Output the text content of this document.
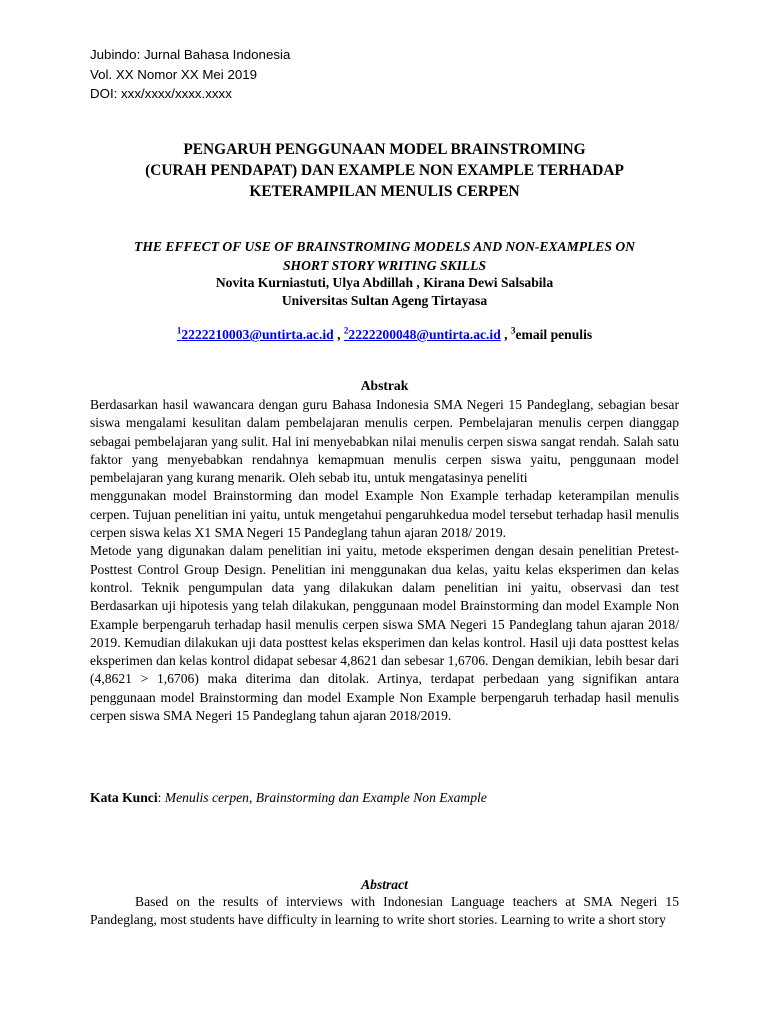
Jubindo: Jurnal Bahasa Indonesia
Vol. XX Nomor XX Mei 2019
DOI: xxx/xxxx/xxxx.xxxx
PENGARUH PENGGUNAAN MODEL BRAINSTROMING
(CURAH PENDAPAT) DAN EXAMPLE NON EXAMPLE TERHADAP
KETERAMPILAN MENULIS CERPEN
THE EFFECT OF USE OF BRAINSTROMING MODELS AND NON-EXAMPLES ON
SHORT STORY WRITING SKILLS
Novita Kurniastuti, Ulya Abdillah , Kirana Dewi Salsabila
Universitas Sultan Ageng Tirtayasa
$^1$2222210003@untirta.ac.id , $^2$2222200048@untirta.ac.id , $^3$email penulis
Abstrak

Berdasarkan hasil wawancara dengan guru Bahasa Indonesia SMA Negeri 15 Pandeglang, sebagian besar siswa mengalami kesulitan dalam pembelajaran menulis cerpen. Pembelajaran menulis cerpen dianggap sebagai pembelajaran yang sulit. Hal ini menyebabkan nilai menulis cerpen siswa sangat rendah. Salah satu faktor yang menyebabkan rendahnya kemapmuan menulis cerpen siswa yaitu, penggunaan model pembelajaran yang kurang menarik. Oleh sebab itu, untuk mengatasinya peneliti

menggunakan model Brainstorming dan model Example Non Example terhadap keterampilan menulis cerpen. Tujuan penelitian ini yaitu, untuk mengetahui pengaruhkedua model tersebut terhadap hasil menulis cerpen siswa kelas X1 SMA Negeri 15 Pandeglang tahun ajaran 2018/ 2019.

Metode yang digunakan dalam penelitian ini yaitu, metode eksperimen dengan desain penelitian Pretest-Posttest Control Group Design. Penelitian ini menggunakan dua kelas, yaitu kelas eksperimen dan kelas kontrol. Teknik pengumpulan data yang dilakukan dalam penelitian ini yaitu, observasi dan test Berdasarkan uji hipotesis yang telah dilakukan, penggunaan model Brainstorming dan model Example Non Example berpengaruh terhadap hasil menulis cerpen siswa SMA Negeri 15 Pandeglang tahun ajaran 2018/ 2019. Kemudian dilakukan uji data posttest kelas eksperimen dan kelas kontrol. Hasil uji data posttest kelas eksperimen dan kelas kontrol didapat sebesar 4,8621 dan sebesar 1,6706. Dengan demikian, lebih besar dari (4,8621 > 1,6706) maka diterima dan ditolak. Artinya, terdapat perbedaan yang signifikan antara penggunaan model Brainstorming dan model Example Non Example berpengaruh terhadap hasil menulis cerpen siswa SMA Negeri 15 Pandeglang tahun ajaran 2018/2019.

Kata Kunci: Menulis cerpen, Brainstorming dan Example Non Example
Abstract

Based on the results of interviews with Indonesian Language teachers at SMA Negeri 15 Pandeglang, most students have difficulty in learning to write short stories. Learning to write a short story
